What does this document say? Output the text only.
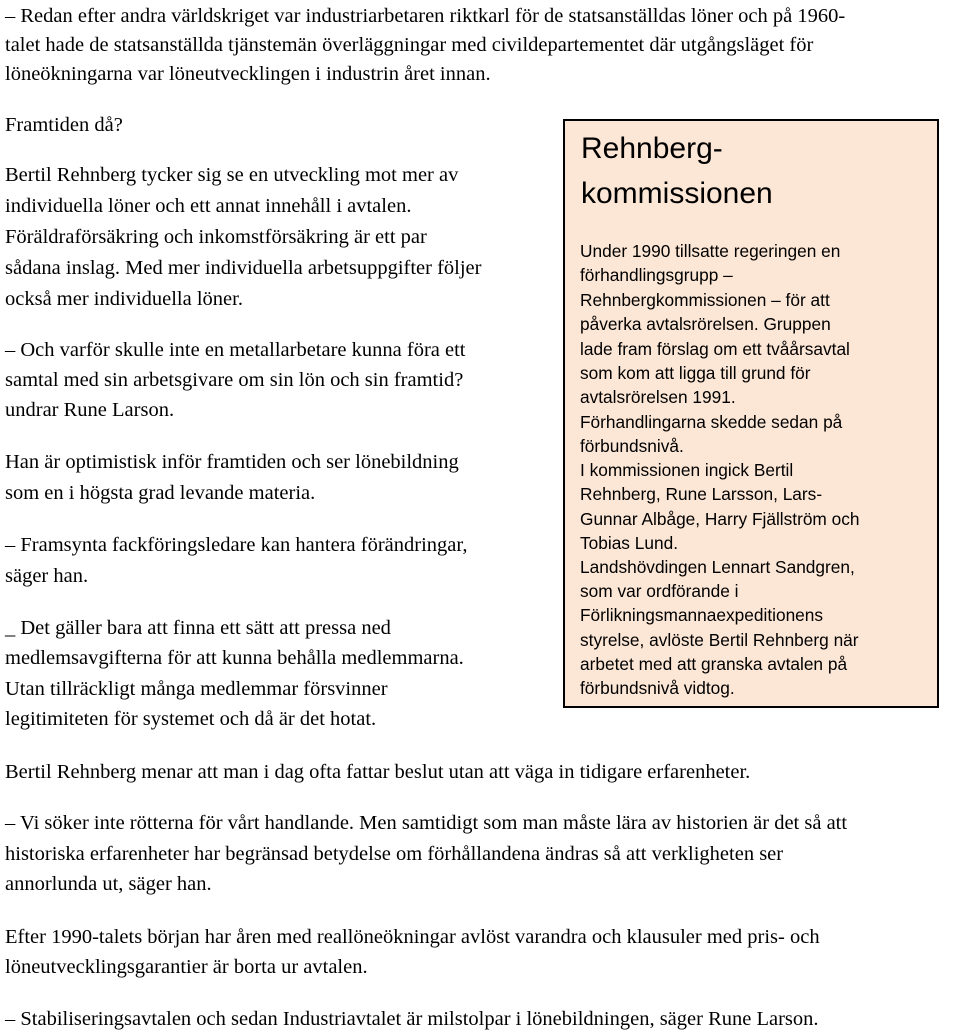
– Redan efter andra världskriget var industriarbetaren riktkarl för de statsanställdas löner och på 1960-

talet hade de statsanställda tjänstemän överläggningar med civildepartementet där utgångsläget för

löneökningarna var löneutvecklingen i industrin året innan.

Framtiden då?

Bertil Rehnberg tycker sig se en utveckling mot mer av

individuella löner och ett annat innehåll i avtalen.

Föräldraförsäkring och inkomstförsäkring är ett par

sådana inslag. Med mer individuella arbetsuppgifter följer

också mer individuella löner.

– Och varför skulle inte en metallarbetare kunna föra ett

samtal med sin arbetsgivare om sin lön och sin framtid?

undrar Rune Larson.

Han är optimistisk inför framtiden och ser lönebildning

som en i högsta grad levande materia.

– Framsynta fackföringsledare kan hantera förändringar,

säger han.

_ Det gäller bara att finna ett sätt att pressa ned

medlemsavgifterna för att kunna behålla medlemmarna.

Utan tillräckligt många medlemmar försvinner

legitimiteten för systemet och då är det hotat.

Bertil Rehnberg menar att man i dag ofta fattar beslut utan att väga in tidigare erfarenheter.

– Vi söker inte rötterna för vårt handlande. Men samtidigt som man måste lära av historien är det så att

historiska erfarenheter har begränsad betydelse om förhållandena ändras så att verkligheten ser

annorlunda ut, säger han.

Efter 1990-talets början har åren med reallöneökningar avlöst varandra och klausuler med pris- och

löneutvecklingsgarantier är borta ur avtalen.

– Stabiliseringsavtalen och sedan Industriavtalet är milstolpar i lönebildningen, säger Rune Larson.

Rehnberg-
kommissionen

Under 1990 tillsatte regeringen en

förhandlingsgrupp –

Rehnbergkommissionen – för att

påverka avtalsrörelsen. Gruppen

lade fram förslag om ett tvåårsavtal

som kom att ligga till grund för

avtalsrörelsen 1991.

Förhandlingarna skedde sedan på

förbundsnivå.

I kommissionen ingick Bertil

Rehnberg, Rune Larsson, Lars-

Gunnar Albåge, Harry Fjällström och

Tobias Lund.

Landshövdingen Lennart Sandgren,

som var ordförande i

Förlikningsmannaexpeditionens

styrelse, avlöste Bertil Rehnberg när

arbetet med att granska avtalen på

förbundsnivå vidtog.
